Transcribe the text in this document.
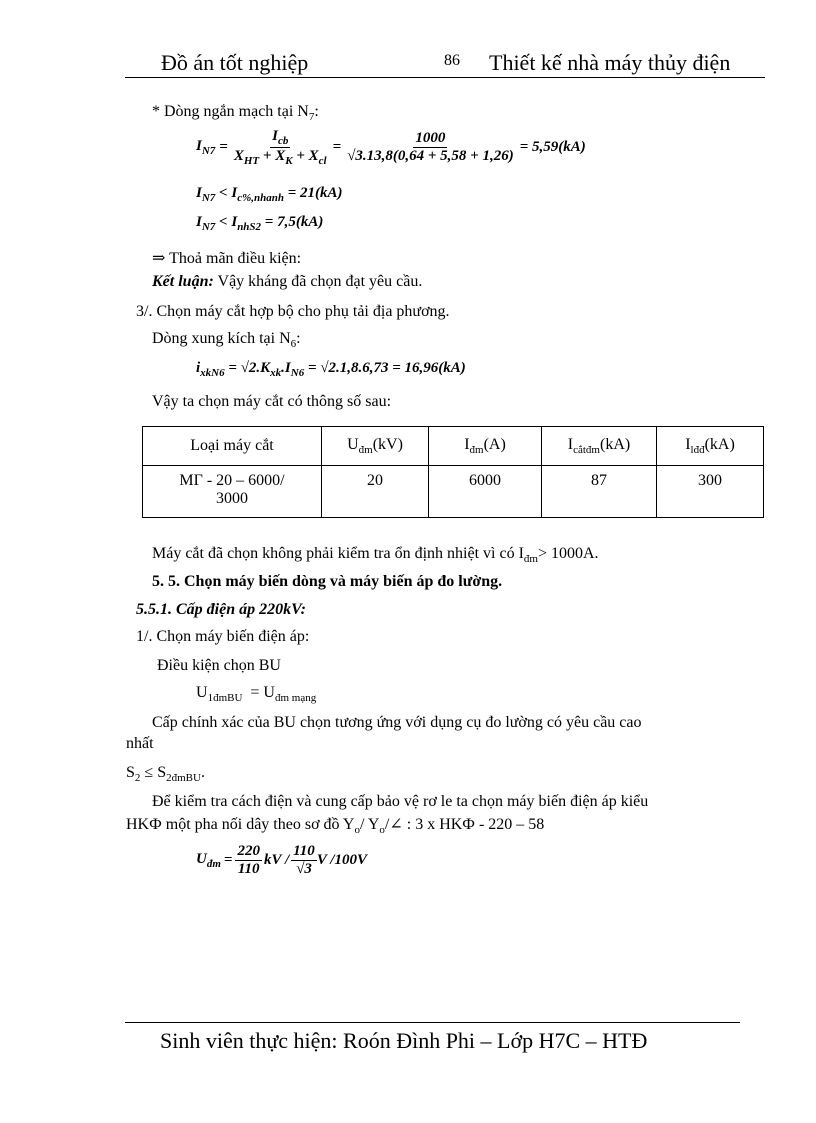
Đồ án tốt nghiệp	86 Thiết kế nhà máy thủy điện
* Dòng ngắn mạch tại $N_7$:
$I_{N7} = \frac{I_{cb}}{X_{HT} + X_K + X_{cl}} = \frac{1000}{√3.13,8(0,64 + 5,58 + 1,26)} = 5,59(kA)$
$I_{N7} < I_{c\%,nhanh} = 21(kA)$
$I_{N7} < I_{nhS2} = 7,5(kA)$
⇒ Thoả mãn điều kiện:
Kết luận: Vậy kháng đã chọn đạt yêu cầu.
3/. Chọn máy cắt hợp bộ cho phụ tải địa phương.
Dòng xung kích tại $N_6$:
$i_{xkN6} = √2.K_{xk}.I_{N6} = √2.1,8.6,73 = 16,96(kA)$
Vậy ta chọn máy cắt có thông số sau:
Loại máy cắt	$U_{đm}(kV)$	$I_{đm}(A)$	$I_{cắtđm}(kA)$	$I_{lđđ}(kA)$
MГ - 20 – 6000/
3000	20	6000	87	300
Máy cắt đã chọn không phải kiểm tra ổn định nhiệt vì có $I_{đm}> 1000A$.
5. 5. Chọn máy biến dòng và máy biến áp đo lường.
5.5.1. Cấp điện áp 220kV:
1/. Chọn máy biến điện áp:
Điều kiện chọn BU
$U_{1đmBU} = U_{đm mạng}$
Cấp chính xác của BU chọn tương ứng với dụng cụ đo lường có yêu cầu cao
nhất
$S_2 \le S_{2đmBU}$.
Để kiểm tra cách điện và cung cấp bảo vệ rơ le ta chọn máy biến điện áp kiểu
HKФ một pha nối dây theo sơ đồ $Y_o/$ $Y_o/\angle$ : 3 x HKФ - 220 – 58
$U_{đm} = \frac{220}{110}$ kV / $\frac{110}{√3}$ V /100V
Sinh viên thực hiện: Roón Đình Phi – Lớp H7C – HTĐ
